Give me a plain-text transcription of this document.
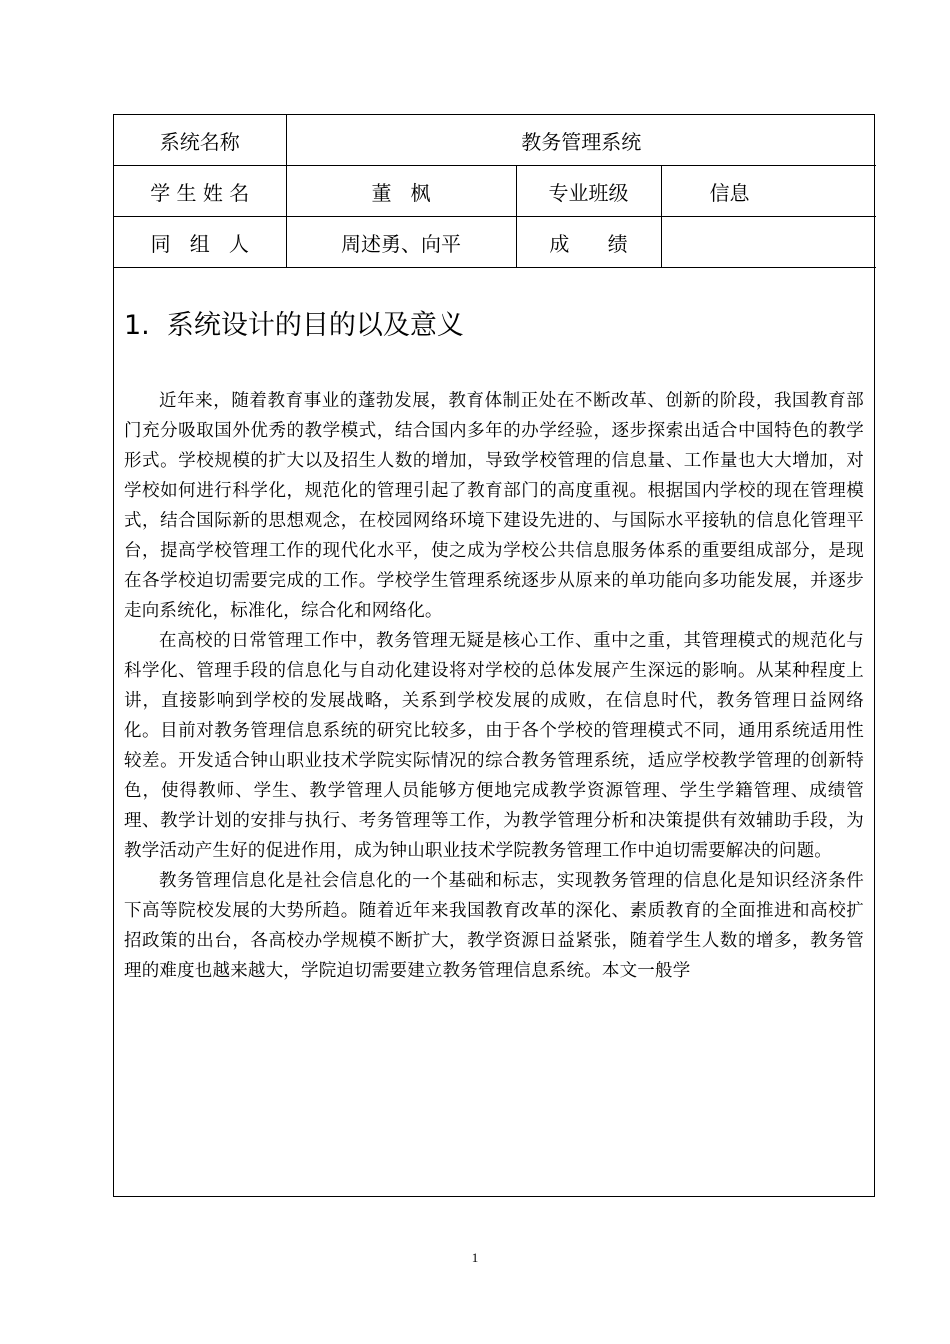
系统名称	教务管理系统		
学 生 姓 名	董   枫	专业班级	信息
同   组   人	周述勇、向平	成      绩	
1.  系统设计的目的以及意义

近年来，随着教育事业的蓬勃发展，教育体制正处在不断改革、创新的阶段，我国教育部门充分吸取国外优秀的教学模式，结合国内多年的办学经验，逐步探索出适合中国特色的教学形式。学校规模的扩大以及招生人数的增加，导致学校管理的信息量、工作量也大大增加，对学校如何进行科学化，规范化的管理引起了教育部门的高度重视。根据国内学校的现在管理模式，结合国际新的思想观念，在校园网络环境下建设先进的、与国际水平接轨的信息化管理平台，提高学校管理工作的现代化水平，使之成为学校公共信息服务体系的重要组成部分，是现在各学校迫切需要完成的工作。学校学生管理系统逐步从原来的单功能向多功能发展，并逐步走向系统化，标准化，综合化和网络化。

在高校的日常管理工作中，教务管理无疑是核心工作、重中之重，其管理模式的规范化与科学化、管理手段的信息化与自动化建设将对学校的总体发展产生深远的影响。从某种程度上讲，直接影响到学校的发展战略，关系到学校发展的成败，在信息时代，教务管理日益网络化。目前对教务管理信息系统的研究比较多，由于各个学校的管理模式不同，通用系统适用性较差。开发适合钟山职业技术学院实际情况的综合教务管理系统，适应学校教学管理的创新特色，使得教师、学生、教学管理人员能够方便地完成教学资源管理、学生学籍管理、成绩管理、教学计划的安排与执行、考务管理等工作，为教学管理分析和决策提供有效辅助手段，为教学活动产生好的促进作用，成为钟山职业技术学院教务管理工作中迫切需要解决的问题。

教务管理信息化是社会信息化的一个基础和标志，实现教务管理的信息化是知识经济条件下高等院校发展的大势所趋。随着近年来我国教育改革的深化、素质教育的全面推进和高校扩招政策的出台，各高校办学规模不断扩大，教学资源日益紧张，随着学生人数的增多，教务管理的难度也越来越大，学院迫切需要建立教务管理信息系统。本文一般学

1
